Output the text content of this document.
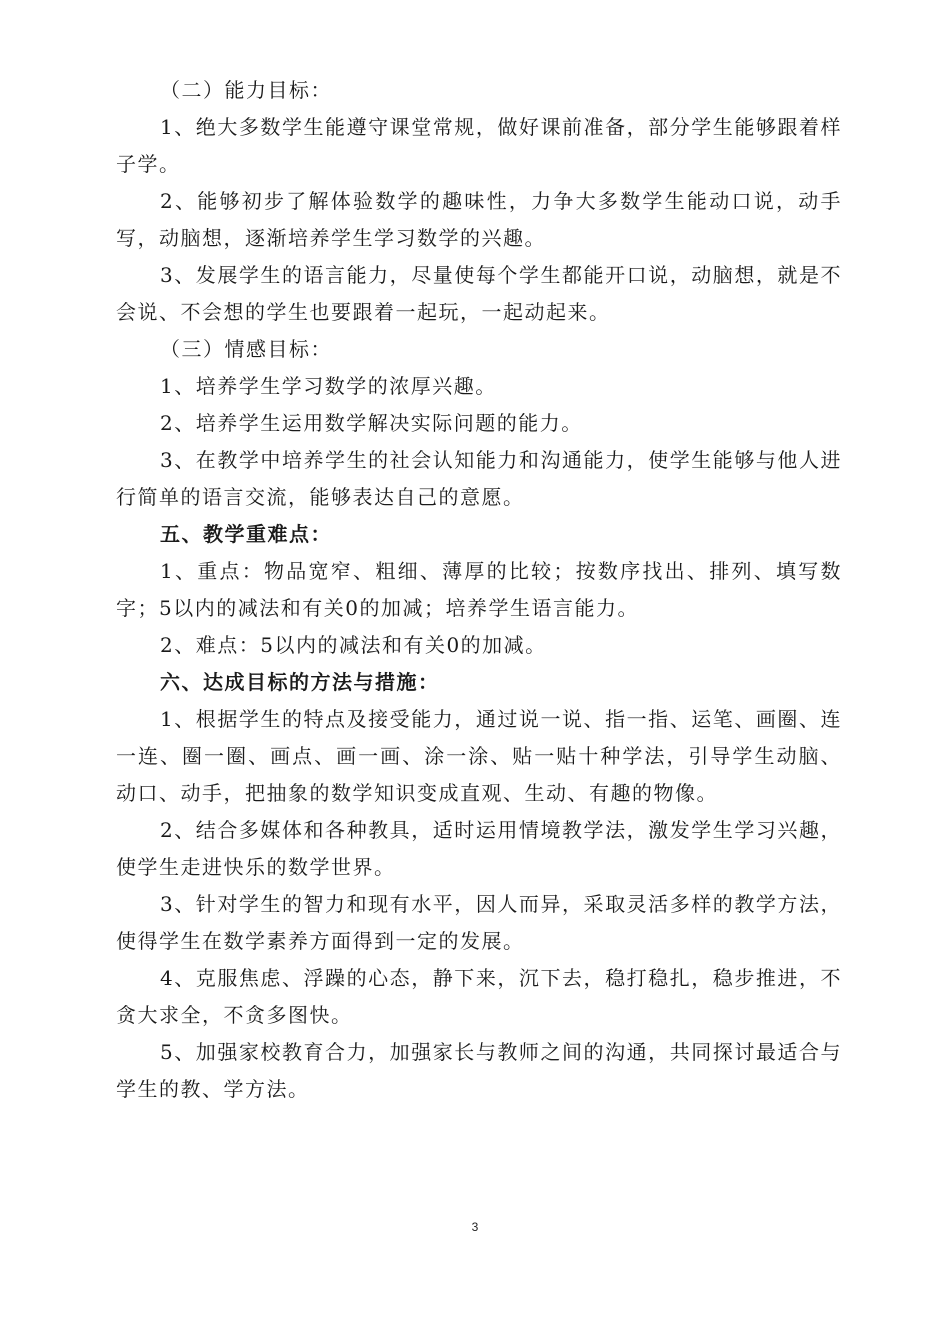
（二）能力目标：

1、绝大多数学生能遵守课堂常规，做好课前准备，部分学生能够跟着样子学。

2、能够初步了解体验数学的趣味性，力争大多数学生能动口说，动手写，动脑想，逐渐培养学生学习数学的兴趣。

3、发展学生的语言能力，尽量使每个学生都能开口说，动脑想，就是不会说、不会想的学生也要跟着一起玩，一起动起来。

（三）情感目标：

1、培养学生学习数学的浓厚兴趣。

2、培养学生运用数学解决实际问题的能力。

3、在教学中培养学生的社会认知能力和沟通能力，使学生能够与他人进行简单的语言交流，能够表达自己的意愿。

五、教学重难点：

1、重点：物品宽窄、粗细、薄厚的比较；按数序找出、排列、填写数字；5以内的减法和有关0的加减；培养学生语言能力。

2、难点：5以内的减法和有关0的加减。

六、达成目标的方法与措施：

1、根据学生的特点及接受能力，通过说一说、指一指、运笔、画圈、连一连、圈一圈、画点、画一画、涂一涂、贴一贴十种学法，引导学生动脑、动口、动手，把抽象的数学知识变成直观、生动、有趣的物像。

2、结合多媒体和各种教具，适时运用情境教学法，激发学生学习兴趣，使学生走进快乐的数学世界。

3、针对学生的智力和现有水平，因人而异，采取灵活多样的教学方法，使得学生在数学素养方面得到一定的发展。

4、克服焦虑、浮躁的心态，静下来，沉下去，稳打稳扎，稳步推进，不贪大求全，不贪多图快。

5、加强家校教育合力，加强家长与教师之间的沟通，共同探讨最适合与学生的教、学方法。

3
